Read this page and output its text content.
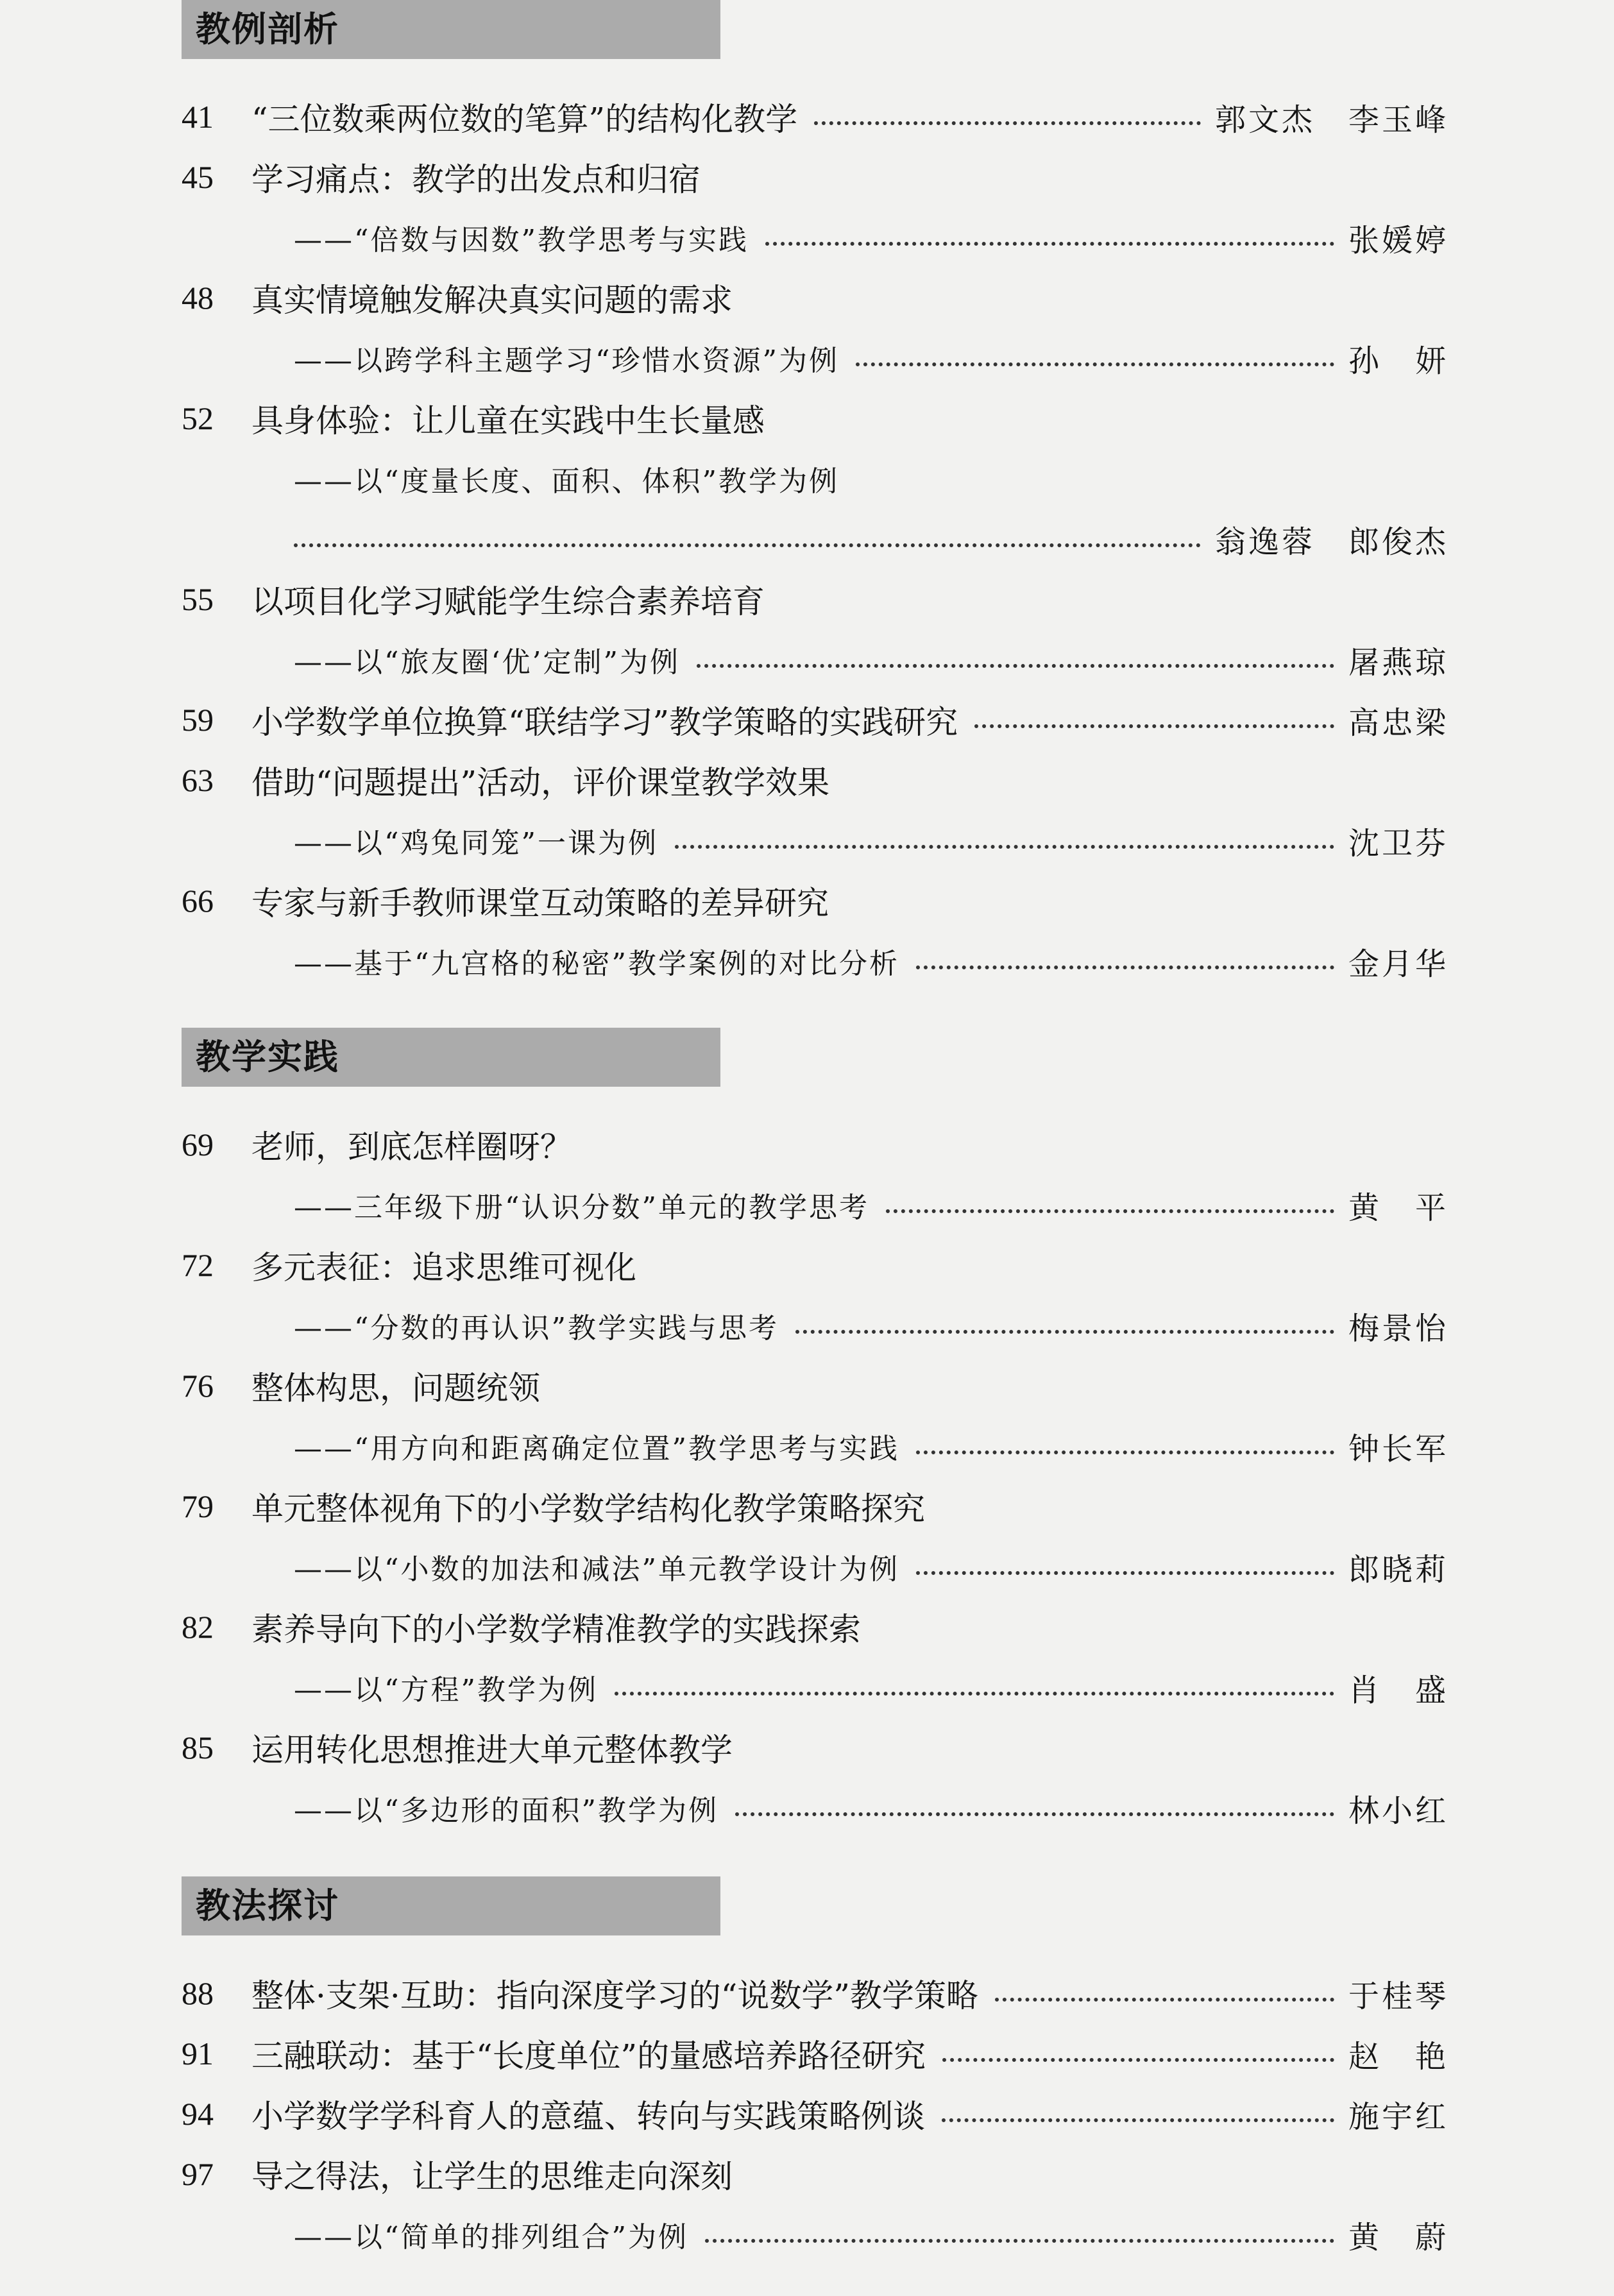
教例剖析
41	“三位数乘两位数的笔算”的结构化教学	郭文杰　李玉峰
45	学习痛点：教学的出发点和归宿
——“倍数与因数”教学思考与实践	张媛婷
48	真实情境触发解决真实问题的需求
——以跨学科主题学习“珍惜水资源”为例	孙　妍
52	具身体验：让儿童在实践中生长量感
——以“度量长度、面积、体积”教学为例
翁逸蓉　郎俊杰
55	以项目化学习赋能学生综合素养培育
——以“旅友圈‘优’定制”为例	屠燕琼
59	小学数学单位换算“联结学习”教学策略的实践研究	高忠梁
63	借助“问题提出”活动，评价课堂教学效果
——以“鸡兔同笼”一课为例	沈卫芬
66	专家与新手教师课堂互动策略的差异研究
——基于“九宫格的秘密”教学案例的对比分析	金月华
教学实践
69	老师，到底怎样圈呀？
——三年级下册“认识分数”单元的教学思考	黄　平
72	多元表征：追求思维可视化
——“分数的再认识”教学实践与思考	梅景怡
76	整体构思，问题统领
——“用方向和距离确定位置”教学思考与实践	钟长军
79	单元整体视角下的小学数学结构化教学策略探究
——以“小数的加法和减法”单元教学设计为例	郎晓莉
82	素养导向下的小学数学精准教学的实践探索
——以“方程”教学为例	肖　盛
85	运用转化思想推进大单元整体教学
——以“多边形的面积”教学为例	林小红
教法探讨
88	整体·支架·互助：指向深度学习的“说数学”教学策略	于桂琴
91	三融联动：基于“长度单位”的量感培养路径研究	赵　艳
94	小学数学学科育人的意蕴、转向与实践策略例谈	施宇红
97	导之得法，让学生的思维走向深刻
——以“简单的排列组合”为例	黄　蔚
